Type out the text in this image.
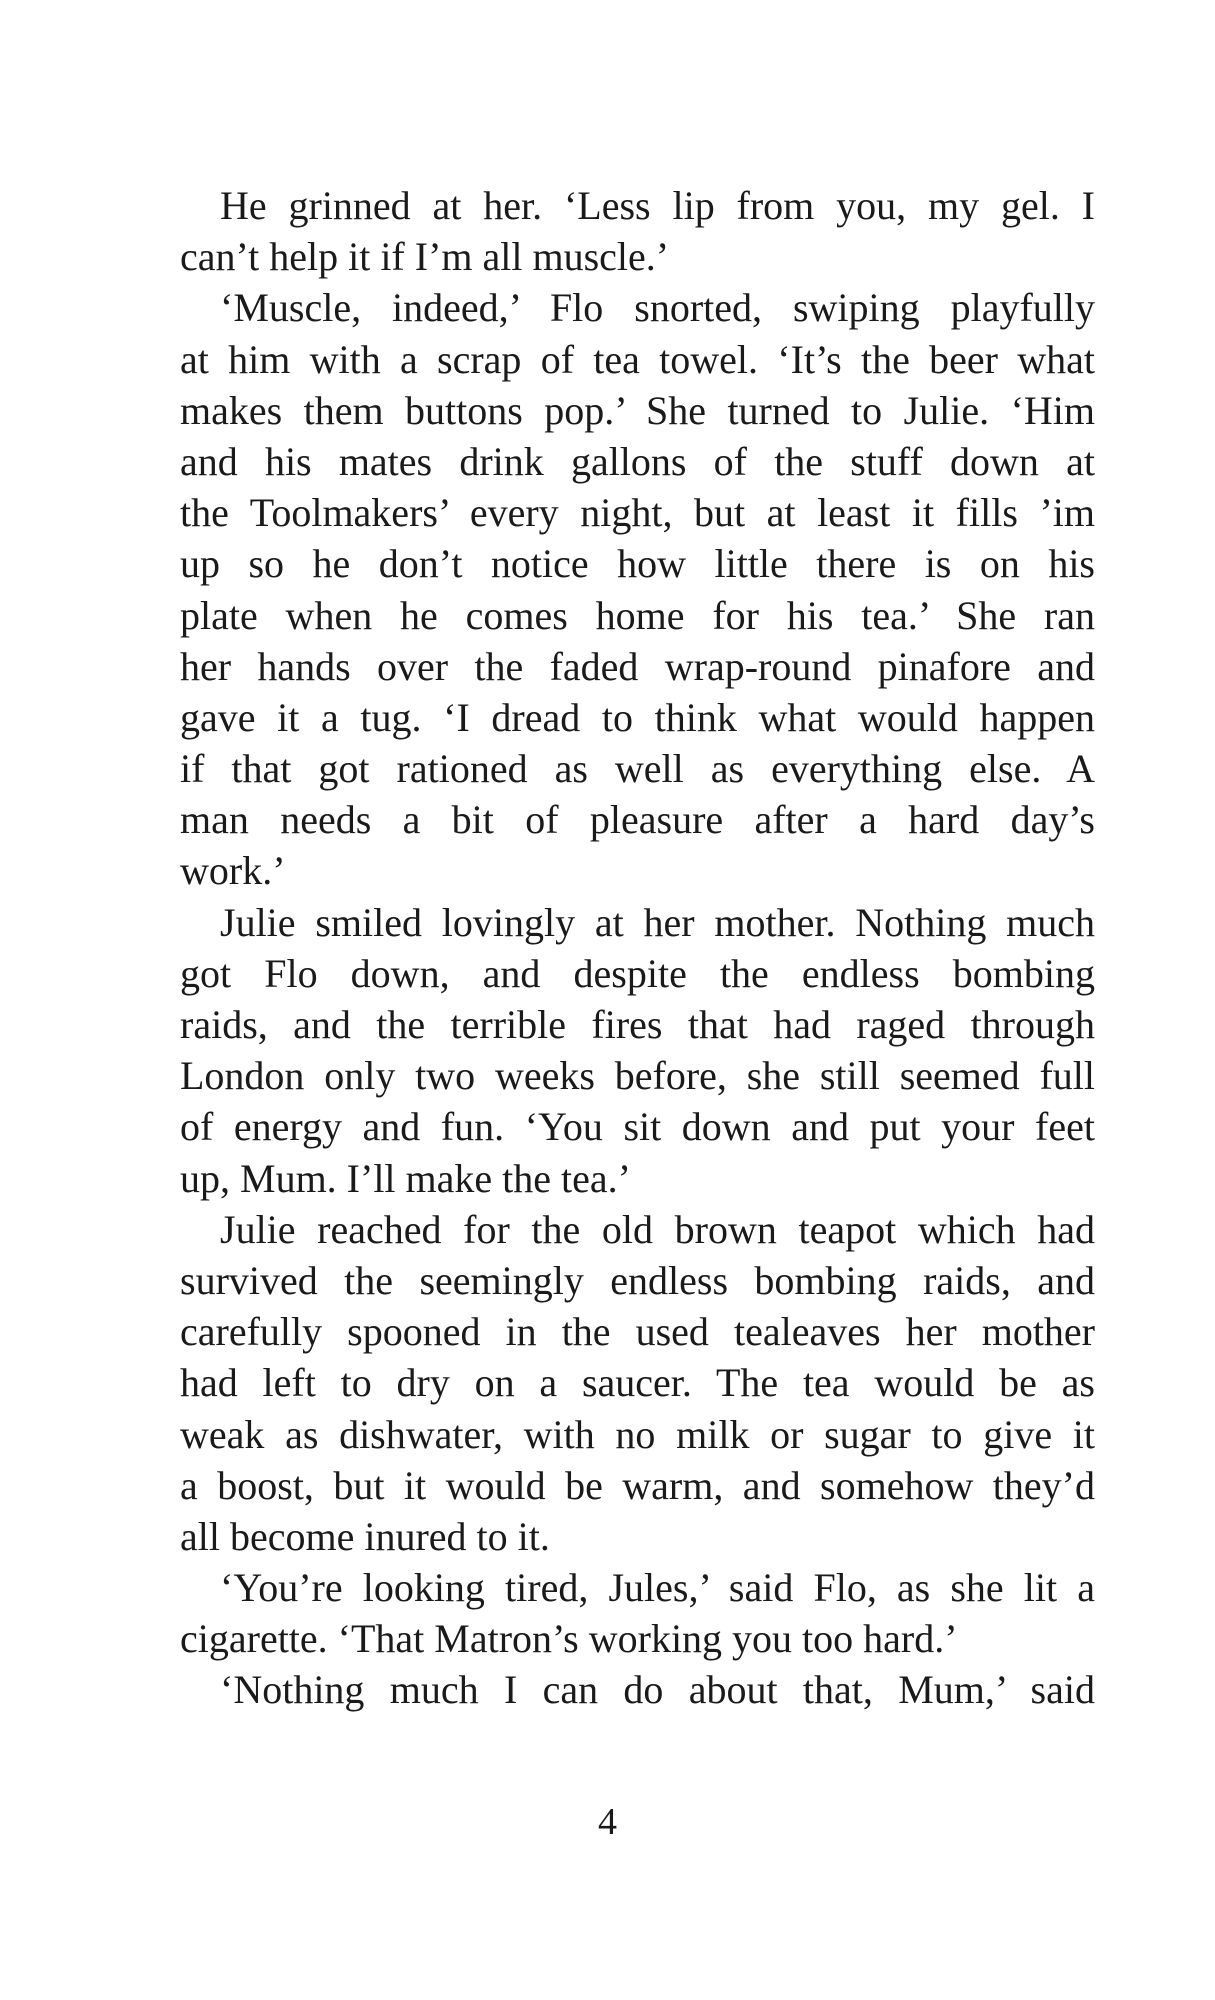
He grinned at her. ‘Less lip from you, my gel. I
can’t help it if I’m all muscle.’
‘Muscle, indeed,’ Flo snorted, swiping playfully
at him with a scrap of tea towel. ‘It’s the beer what
makes them buttons pop.’ She turned to Julie. ‘Him
and his mates drink gallons of the stuff down at
the Toolmakers’ every night, but at least it fills ’im
up so he don’t notice how little there is on his
plate when he comes home for his tea.’ She ran
her hands over the faded wrap-round pinafore and
gave it a tug. ‘I dread to think what would happen
if that got rationed as well as everything else. A
man needs a bit of pleasure after a hard day’s
work.’
Julie smiled lovingly at her mother. Nothing much
got Flo down, and despite the endless bombing
raids, and the terrible fires that had raged through
London only two weeks before, she still seemed full
of energy and fun. ‘You sit down and put your feet
up, Mum. I’ll make the tea.’
Julie reached for the old brown teapot which had
survived the seemingly endless bombing raids, and
carefully spooned in the used tealeaves her mother
had left to dry on a saucer. The tea would be as
weak as dishwater, with no milk or sugar to give it
a boost, but it would be warm, and somehow they’d
all become inured to it.
‘You’re looking tired, Jules,’ said Flo, as she lit a
cigarette. ‘That Matron’s working you too hard.’
‘Nothing much I can do about that, Mum,’ said
4
